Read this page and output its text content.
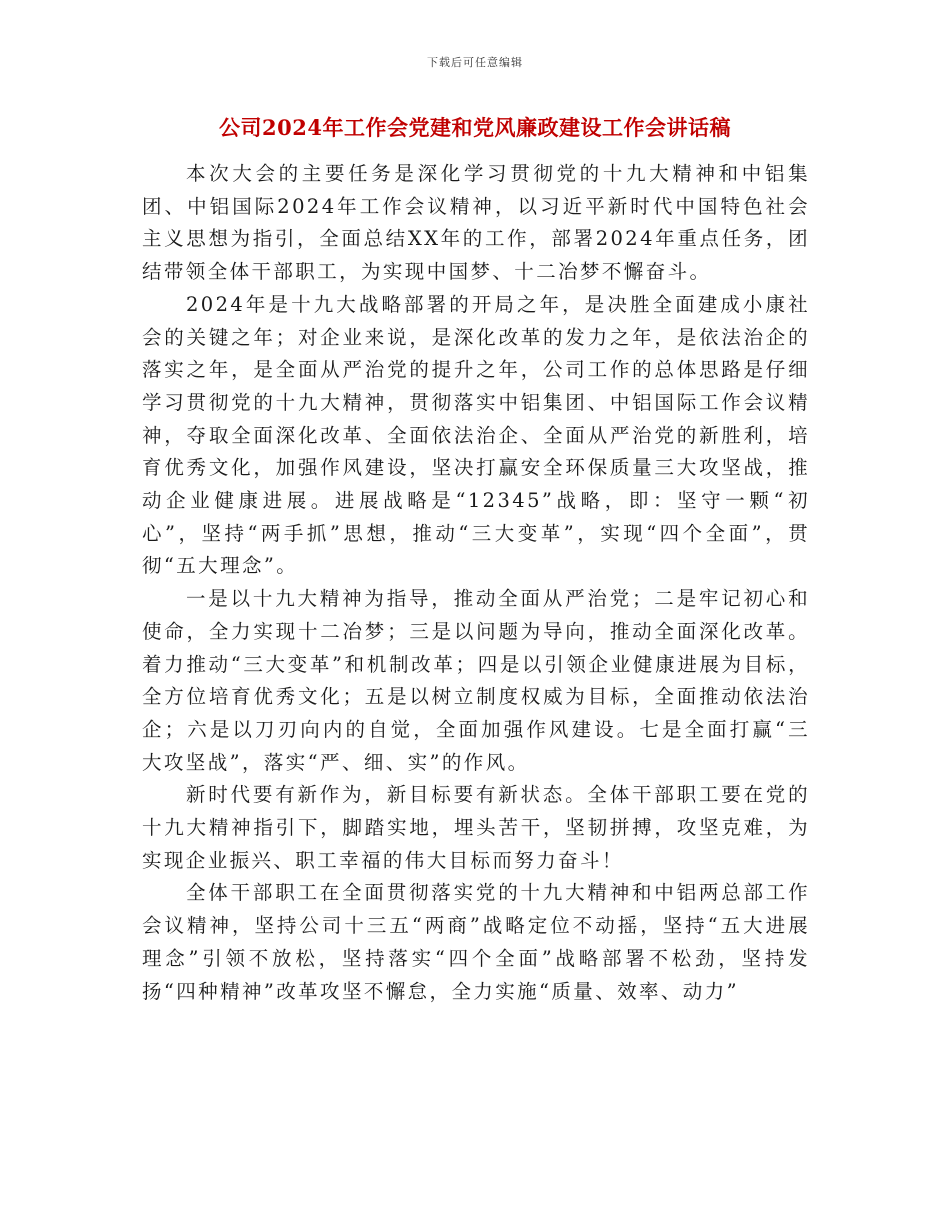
下载后可任意编辑
公司2024年工作会党建和党风廉政建设工作会讲话稿

本次大会的主要任务是深化学习贯彻党的十九大精神和中铝集团、中铝国际2024年工作会议精神，以习近平新时代中国特色社会主义思想为指引，全面总结XX年的工作，部署2024年重点任务，团结带领全体干部职工，为实现中国梦、十二冶梦不懈奋斗。

2024年是十九大战略部署的开局之年，是决胜全面建成小康社会的关键之年；对企业来说，是深化改革的发力之年，是依法治企的落实之年，是全面从严治党的提升之年，公司工作的总体思路是仔细学习贯彻党的十九大精神，贯彻落实中铝集团、中铝国际工作会议精神，夺取全面深化改革、全面依法治企、全面从严治党的新胜利，培育优秀文化，加强作风建设，坚决打赢安全环保质量三大攻坚战，推动企业健康进展。进展战略是“12345”战略，即：坚守一颗“初心”，坚持“两手抓”思想，推动“三大变革”，实现“四个全面”，贯彻“五大理念”。

一是以十九大精神为指导，推动全面从严治党；二是牢记初心和使命，全力实现十二冶梦；三是以问题为导向，推动全面深化改革。着力推动“三大变革”和机制改革；四是以引领企业健康进展为目标，全方位培育优秀文化；五是以树立制度权威为目标，全面推动依法治企；六是以刀刃向内的自觉，全面加强作风建设。七是全面打赢“三大攻坚战”，落实“严、细、实”的作风。

新时代要有新作为，新目标要有新状态。全体干部职工要在党的十九大精神指引下，脚踏实地，埋头苦干，坚韧拼搏，攻坚克难，为实现企业振兴、职工幸福的伟大目标而努力奋斗！

全体干部职工在全面贯彻落实党的十九大精神和中铝两总部工作会议精神，坚持公司十三五“两商”战略定位不动摇，坚持“五大进展理念”引领不放松，坚持落实“四个全面”战略部署不松劲，坚持发扬“四种精神”改革攻坚不懈怠，全力实施“质量、效率、动力”
